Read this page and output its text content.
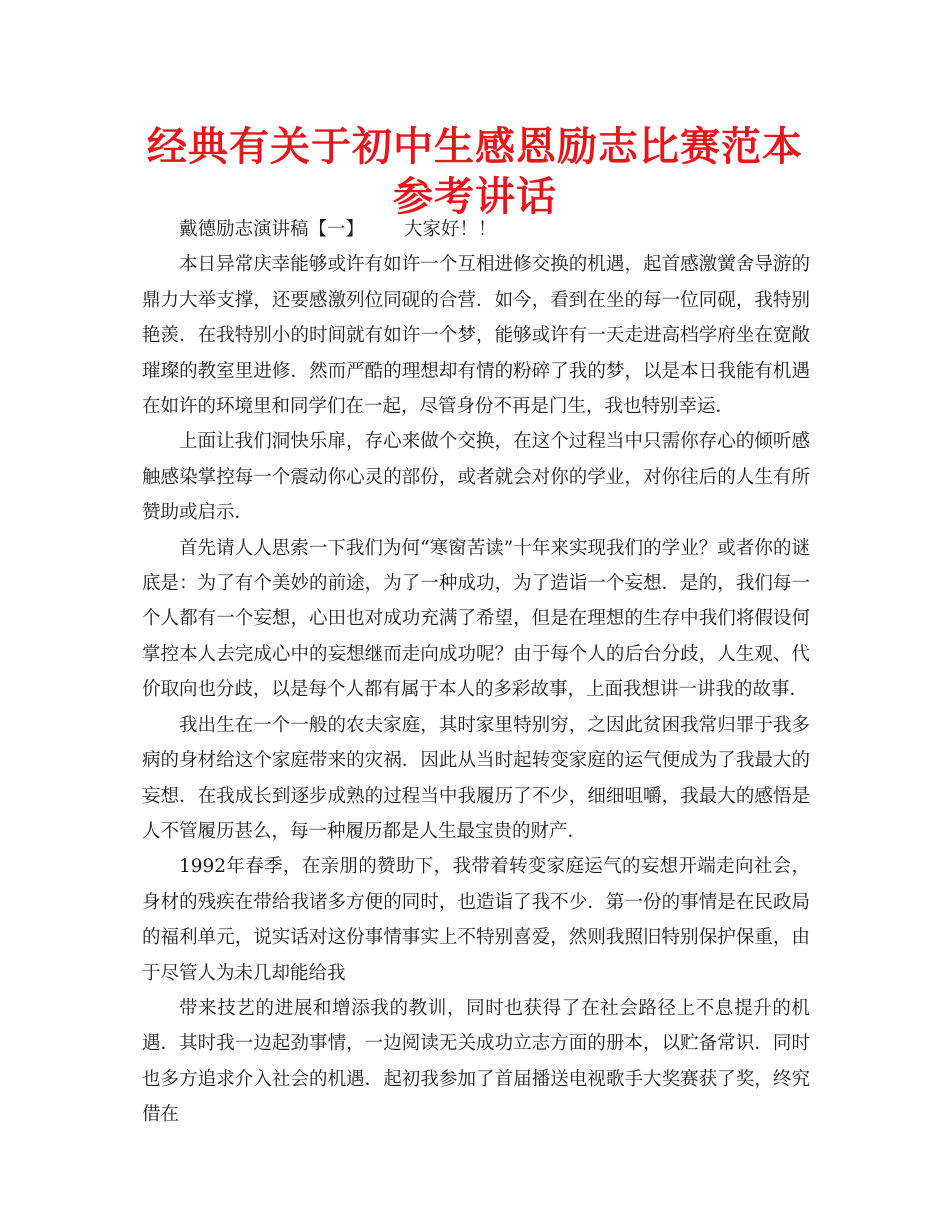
经典有关于初中生感恩励志比赛范本参考讲话

戴德励志演讲稿【一】 大家好！！

本日异常庆幸能够或许有如许一个互相进修交换的机遇，起首感激黉舍导游的鼎力大举支撑，还要感激列位同砚的合营．如今，看到在坐的每一位同砚，我特别艳羡．在我特别小的时间就有如许一个梦，能够或许有一天走进高档学府坐在宽敞璀璨的教室里进修．然而严酷的理想却有情的粉碎了我的梦，以是本日我能有机遇在如许的环境里和同学们在一起，尽管身份不再是门生，我也特别幸运．

上面让我们洞快乐扉，存心来做个交换，在这个过程当中只需你存心的倾听感触感染掌控每一个震动你心灵的部份，或者就会对你的学业，对你往后的人生有所赞助或启示．

首先请人人思索一下我们为何“寒窗苦读”十年来实现我们的学业？或者你的谜底是：为了有个美妙的前途，为了一种成功，为了造诣一个妄想．是的，我们每一个人都有一个妄想，心田也对成功充满了希望，但是在理想的生存中我们将假设何掌控本人去完成心中的妄想继而走向成功呢？由于每个人的后台分歧，人生观、代价取向也分歧，以是每个人都有属于本人的多彩故事，上面我想讲一讲我的故事．

我出生在一个一般的农夫家庭，其时家里特别穷，之因此贫困我常归罪于我多病的身材给这个家庭带来的灾祸．因此从当时起转变家庭的运气便成为了我最大的妄想．在我成长到逐步成熟的过程当中我履历了不少，细细咀嚼，我最大的感悟是人不管履历甚么，每一种履历都是人生最宝贵的财产．

1992年春季，在亲朋的赞助下，我带着转变家庭运气的妄想开端走向社会，身材的残疾在带给我诸多方便的同时，也造诣了我不少．第一份的事情是在民政局的福利单元，说实话对这份事情事实上不特别喜爱，然则我照旧特别保护保重，由于尽管人为未几却能给我

带来技艺的进展和增添我的教训，同时也获得了在社会路径上不息提升的机遇．其时我一边起劲事情，一边阅读无关成功立志方面的册本，以贮备常识．同时也多方追求介入社会的机遇．起初我参加了首届播送电视歌手大奖赛获了奖，终究借在
